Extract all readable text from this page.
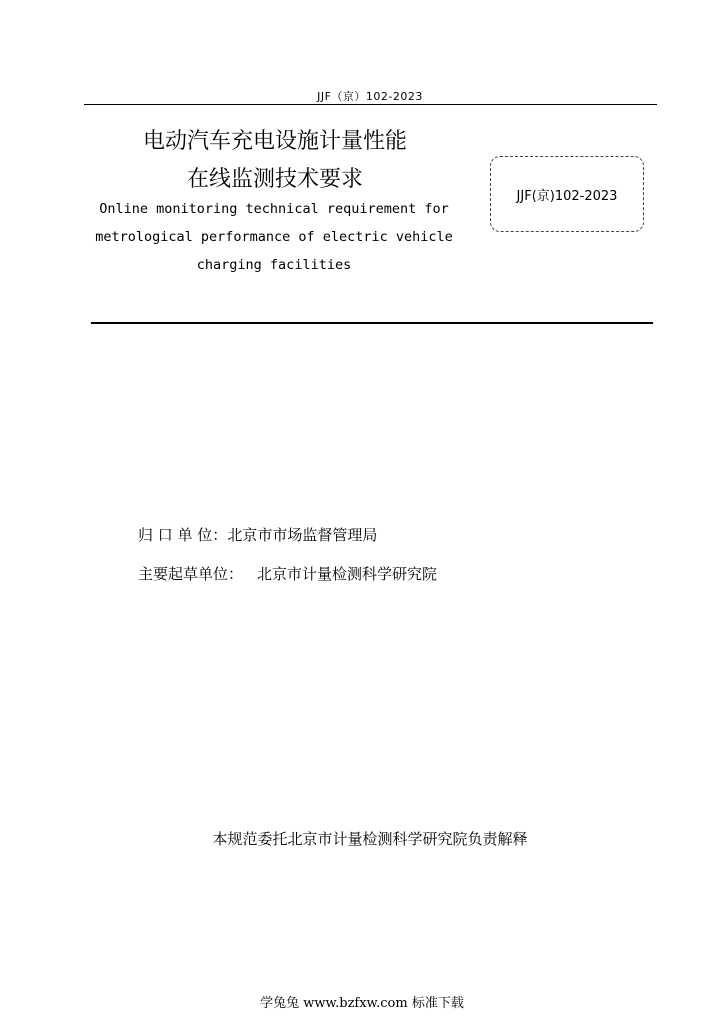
JJF（京）102-2023
电动汽车充电设施计量性能
在线监测技术要求
Online monitoring technical requirement for
metrological performance of electric vehicle
charging facilities
JJF(京)102-2023
归 口 单 位：北京市市场监督管理局
主要起草单位： 北京市计量检测科学研究院
本规范委托北京市计量检测科学研究院负责解释
学兔兔 www.bzfxw.com 标准下载
